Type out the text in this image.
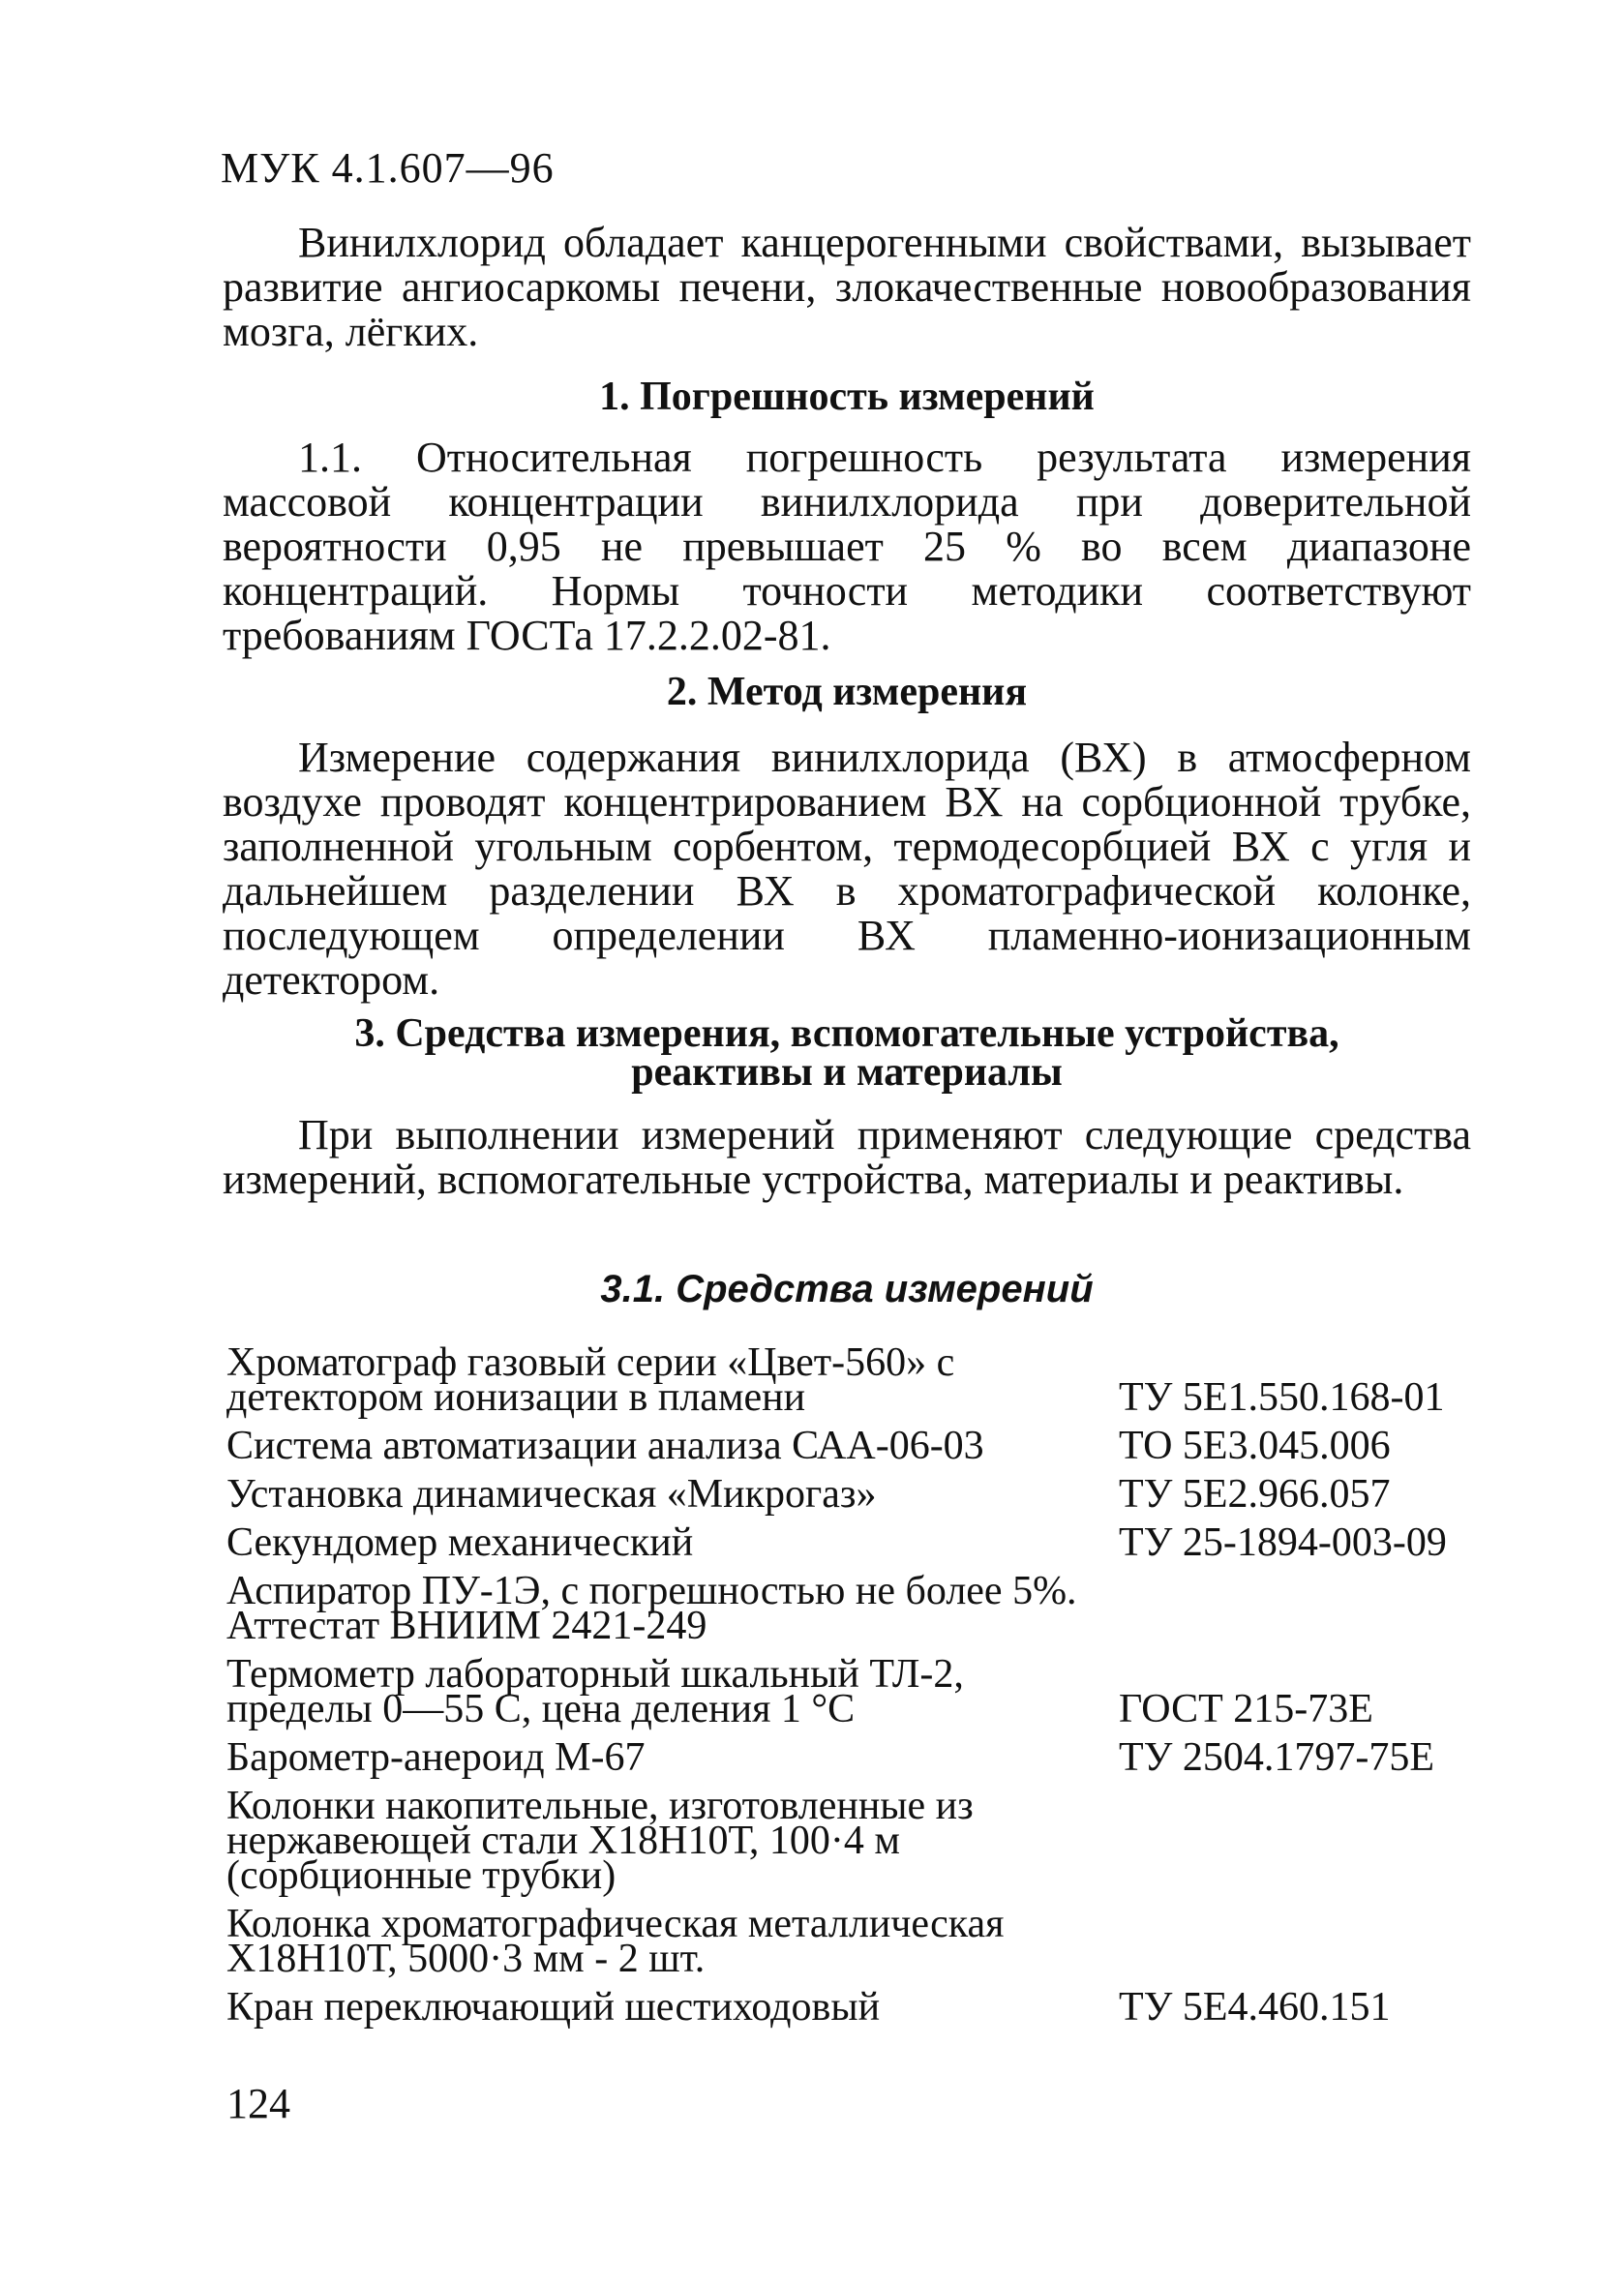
МУК 4.1.607—96

Винилхлорид обладает канцерогенными свойствами, вызывает развитие ангиосаркомы печени, злокачественные новообразования мозга, лёгких.

1. Погрешность измерений

1.1. Относительная погрешность результата измерения массовой концентрации винилхлорида при доверительной вероятности 0,95 не превышает 25 % во всем диапазоне концентраций. Нормы точности методики соответствуют требованиям ГОСТа 17.2.2.02-81.

2. Метод измерения

Измерение содержания винилхлорида (ВХ) в атмосферном воздухе проводят концентрированием ВХ на сорбционной трубке, заполненной угольным сорбентом, термодесорбцией ВХ с угля и дальнейшем разделении ВХ в хроматографической колонке, последующем определении ВХ пламенно-ионизационным детектором.

3. Средства измерения, вспомогательные устройства,
реактивы и материалы

При выполнении измерений применяют следующие средства измерений, вспомогательные устройства, материалы и реактивы.

3.1. Средства измерений
Хроматограф газовый серии «Цвет-560» с детектором ионизации в пламени	ТУ 5Е1.550.168-01
Система автоматизации анализа САА-06-03	ТО 5Е3.045.006
Установка динамическая «Микрогаз»	ТУ 5Е2.966.057
Секундомер механический	ТУ 25-1894-003-09
Аспиратор ПУ-1Э, с погрешностью не более 5%. Аттестат ВНИИМ 2421-249	
Термометр лабораторный шкальный ТЛ-2, пределы 0—55 С, цена деления 1 °С	ГОСТ 215-73Е
Барометр-анероид М-67	ТУ 2504.1797-75Е
Колонки накопительные, изготовленные из нержавеющей стали Х18Н10Т, 100·4 м (сорбционные трубки)	
Колонка хроматографическая металлическая Х18Н10Т, 5000·3 мм - 2 шт.	
Кран переключающий шестиходовый	ТУ 5Е4.460.151
124
